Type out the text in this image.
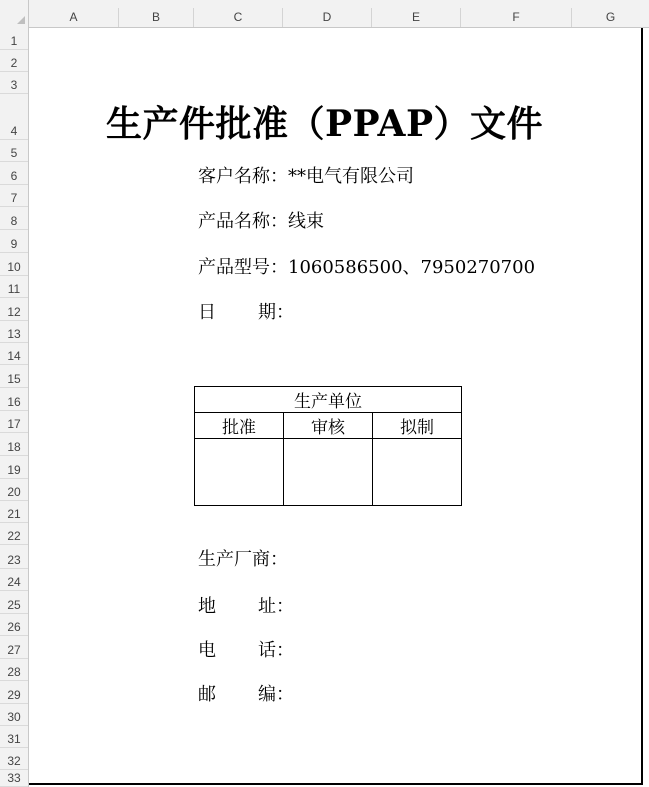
A	B	C	D	E	F	G
1
2
3
4
5
6
7
8
9
10
11
12
13
14
15
16
17
18
19
20
21
22
23
24
25
26
27
28
29
30
31
32
33
生产件批准（PPAP）文件
客户名称：**电气有限公司
产品名称：线束
产品型号：1060586500、7950270700
日 期：
生产单位		
批准	审核	拟制

生产厂商：
地 址：
电 话：
邮 编：
